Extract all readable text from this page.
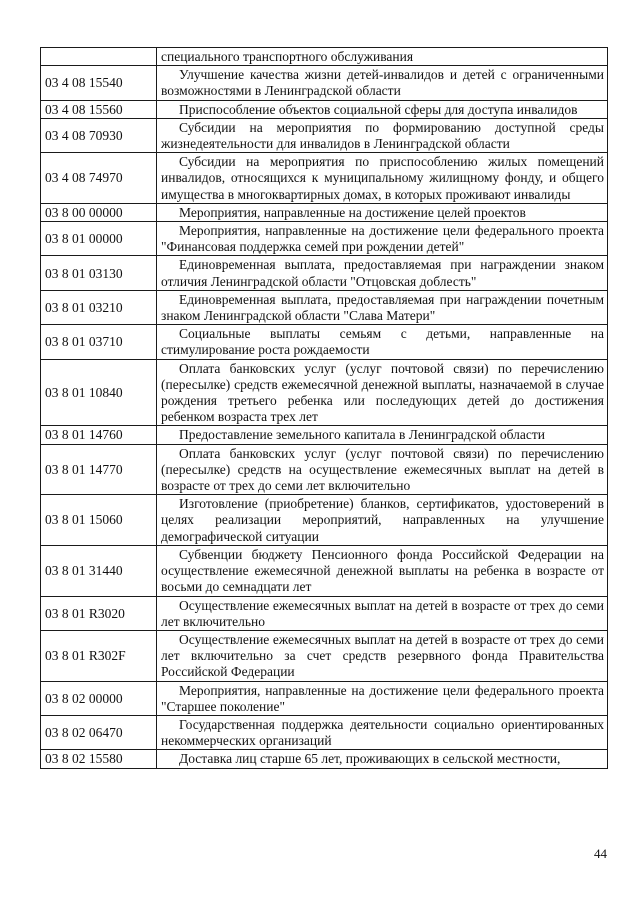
	специального транспортного обслуживания
03 4 08 15540	Улучшение качества жизни детей-инвалидов и детей с ограниченными возможностями в Ленинградской области
03 4 08 15560	Приспособление объектов социальной сферы для доступа инвалидов
03 4 08 70930	Субсидии на мероприятия по формированию доступной среды жизнедеятельности для инвалидов в Ленинградской области
03 4 08 74970	Субсидии на мероприятия по приспособлению жилых помещений инвалидов, относящихся к муниципальному жилищному фонду, и общего имущества в многоквартирных домах, в которых проживают инвалиды
03 8 00 00000	Мероприятия, направленные на достижение целей проектов
03 8 01 00000	Мероприятия, направленные на достижение цели федерального проекта "Финансовая поддержка семей при рождении детей"
03 8 01 03130	Единовременная выплата, предоставляемая при награждении знаком отличия Ленинградской области "Отцовская доблесть"
03 8 01 03210	Единовременная выплата, предоставляемая при награждении почетным знаком Ленинградской области "Слава Матери"
03 8 01 03710	Социальные выплаты семьям с детьми, направленные на стимулирование роста рождаемости
03 8 01 10840	Оплата банковских услуг (услуг почтовой связи) по перечислению (пересылке) средств ежемесячной денежной выплаты, назначаемой в случае рождения третьего ребенка или последующих детей до достижения ребенком возраста трех лет
03 8 01 14760	Предоставление земельного капитала в Ленинградской области
03 8 01 14770	Оплата банковских услуг (услуг почтовой связи) по перечислению (пересылке) средств на осуществление ежемесячных выплат на детей в возрасте от трех до семи лет включительно
03 8 01 15060	Изготовление (приобретение) бланков, сертификатов, удостоверений в целях реализации мероприятий, направленных на улучшение демографической ситуации
03 8 01 31440	Субвенции бюджету Пенсионного фонда Российской Федерации на осуществление ежемесячной денежной выплаты на ребенка в возрасте от восьми до семнадцати лет
03 8 01 R3020	Осуществление ежемесячных выплат на детей в возрасте от трех до семи лет включительно
03 8 01 R302F	Осуществление ежемесячных выплат на детей в возрасте от трех до семи лет включительно за счет средств резервного фонда Правительства Российской Федерации
03 8 02 00000	Мероприятия, направленные на достижение цели федерального проекта "Старшее поколение"
03 8 02 06470	Государственная поддержка деятельности социально ориентированных некоммерческих организаций
03 8 02 15580	Доставка лиц старше 65 лет, проживающих в сельской местности,
44
